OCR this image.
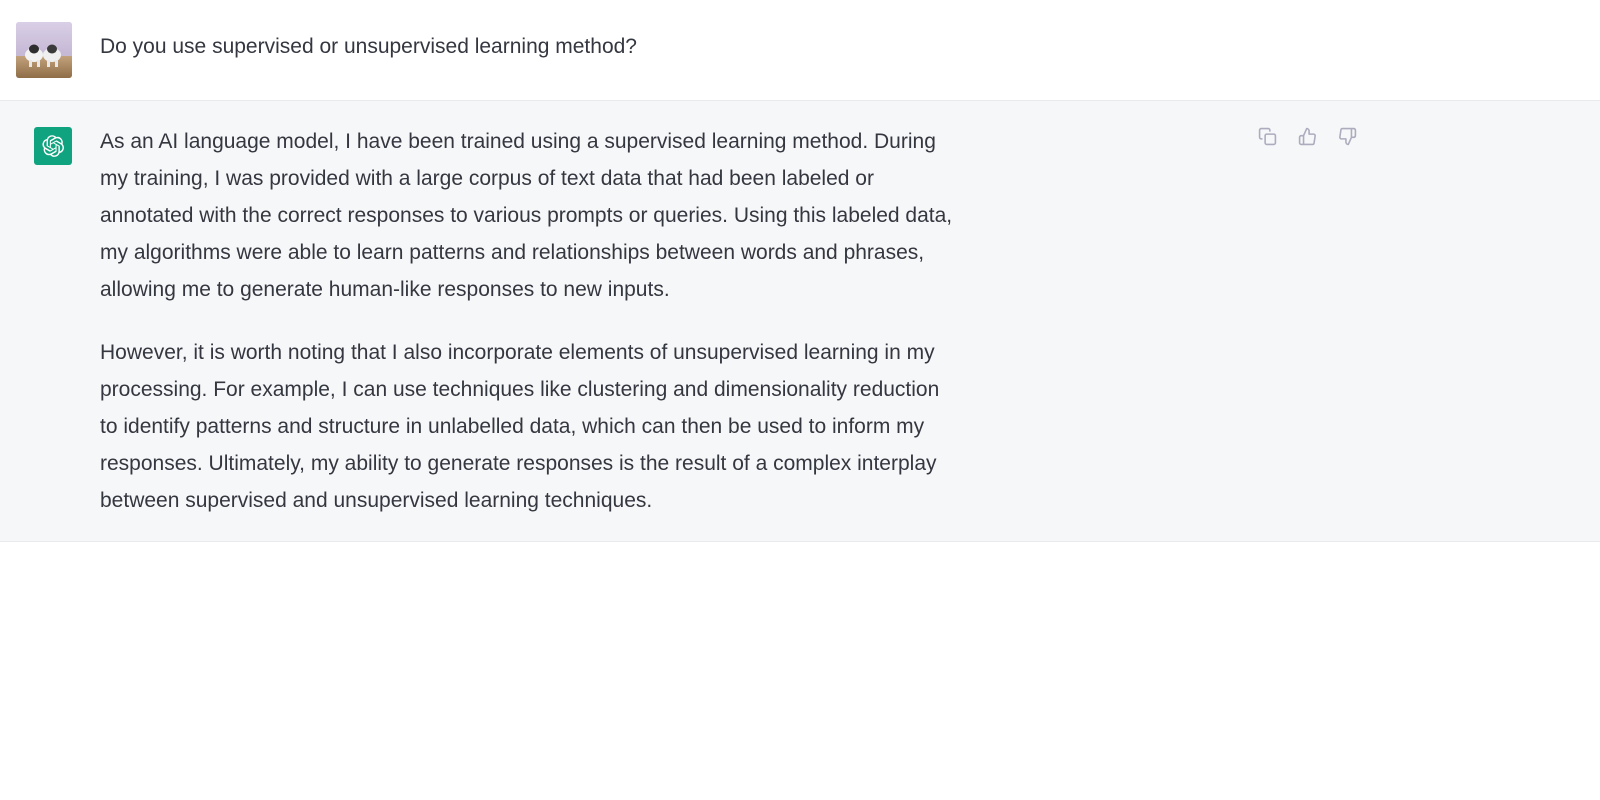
Do you use supervised or unsupervised learning method?

As an AI language model, I have been trained using a supervised learning method. During my training, I was provided with a large corpus of text data that had been labeled or annotated with the correct responses to various prompts or queries. Using this labeled data, my algorithms were able to learn patterns and relationships between words and phrases, allowing me to generate human-like responses to new inputs.

However, it is worth noting that I also incorporate elements of unsupervised learning in my processing. For example, I can use techniques like clustering and dimensionality reduction to identify patterns and structure in unlabelled data, which can then be used to inform my responses. Ultimately, my ability to generate responses is the result of a complex interplay between supervised and unsupervised learning techniques.
